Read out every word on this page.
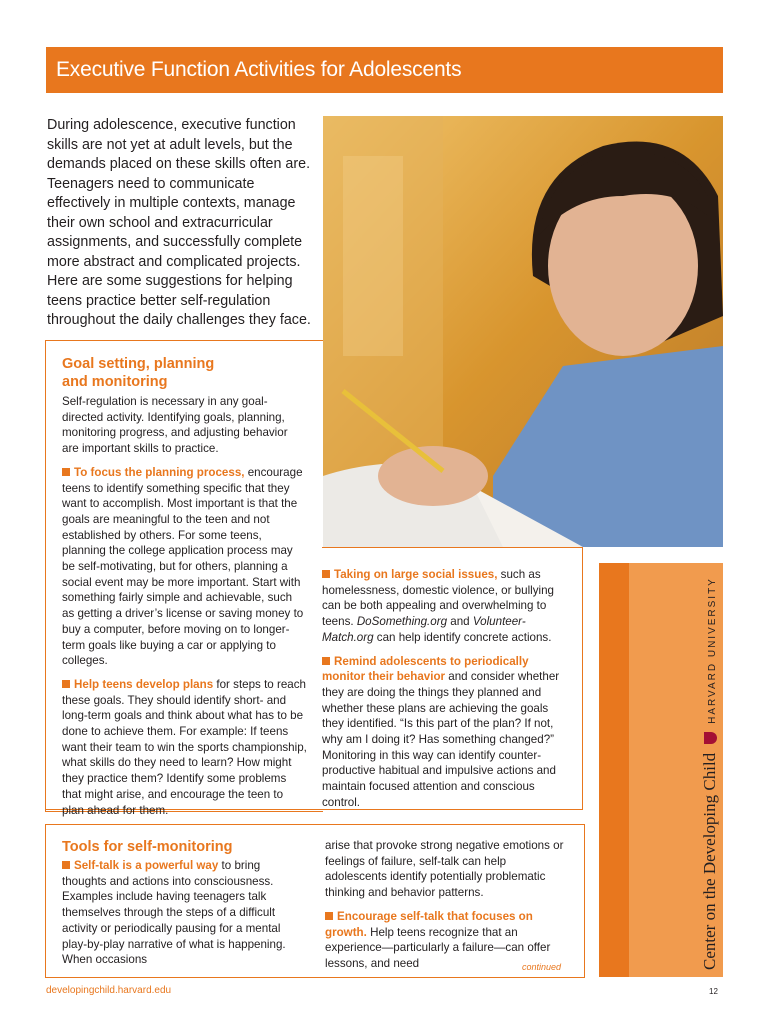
Executive Function Activities for Adolescents
During adolescence, executive function skills are not yet at adult levels, but the demands placed on these skills often are. Teenagers need to communicate effectively in multiple contexts, manage their own school and extracurricular assignments, and successfully complete more abstract and complicated projects. Here are some suggestions for helping teens practice better self-regulation throughout the daily challenges they face.
Goal setting, planning
and monitoring

Self-regulation is necessary in any goal-directed activity. Identifying goals, planning, monitoring progress, and adjusting behavior are important skills to practice.

To focus the planning process, encourage teens to identify something specific that they want to accomplish. Most important is that the goals are meaningful to the teen and not established by others. For some teens, planning the college application process may be self-motivating, but for others, planning a social event may be more important. Start with something fairly simple and achievable, such as getting a driver’s license or saving money to buy a computer, before moving on to longer-term goals like buying a car or applying to colleges.

Help teens develop plans for steps to reach these goals. They should identify short- and long-term goals and think about what has to be done to achieve them. For example: If teens want their team to win the sports championship, what skills do they need to learn? How might they practice them? Identify some problems that might arise, and encourage the teen to plan ahead for them.

Taking on large social issues, such as homelessness, domestic violence, or bullying can be both appealing and overwhelming to teens. DoSomething.org and Volunteer-Match.org can help identify concrete actions.

Remind adolescents to periodically monitor their behavior and consider whether they are doing the things they planned and whether these plans are achieving the goals they identified. “Is this part of the plan? If not, why am I doing it? Has something changed?” Monitoring in this way can identify counter-productive habitual and impulsive actions and maintain focused attention and conscious control.

Tools for self-monitoring

Self-talk is a powerful way to bring thoughts and actions into consciousness. Examples include having teenagers talk themselves through the steps of a difficult activity or periodically pausing for a mental play-by-play narrative of what is happening. When occasions

arise that provoke strong negative emotions or feelings of failure, self-talk can help adolescents identify potentially problematic thinking and behavior patterns.

Encourage self-talk that focuses on growth. Help teens recognize that an experience—particularly a failure—can offer lessons, and need	continued	Center on the Developing Child  HARVARD UNIVERSITY
developingchild.harvard.edu	12
